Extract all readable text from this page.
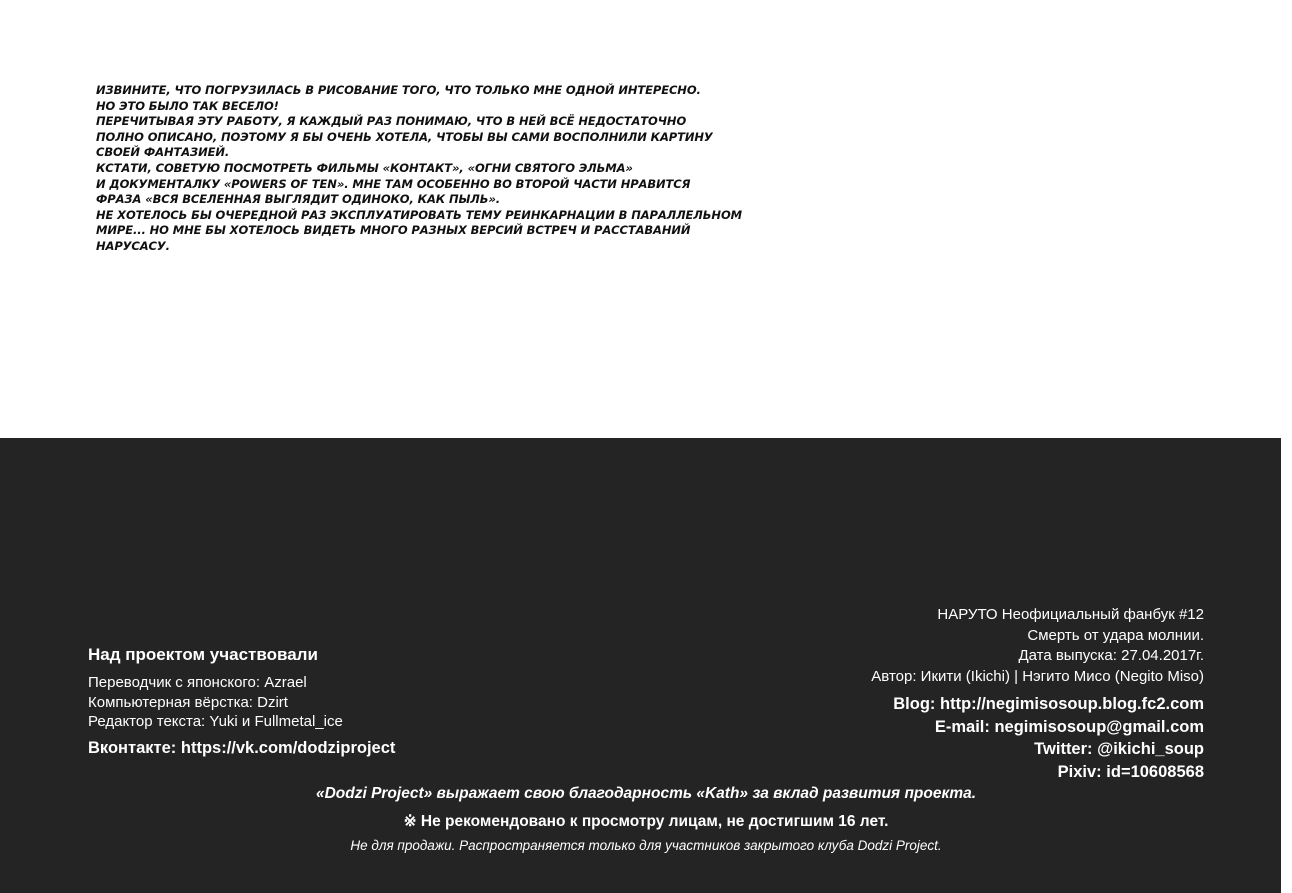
ИЗВИНИТЕ, ЧТО ПОГРУЗИЛАСЬ В РИСОВАНИЕ ТОГО, ЧТО ТОЛЬКО МНЕ ОДНОЙ ИНТЕРЕСНО.
НО ЭТО БЫЛО ТАК ВЕСЕЛО!
ПЕРЕЧИТЫВАЯ ЭТУ РАБОТУ, Я КАЖДЫЙ РАЗ ПОНИМАЮ, ЧТО В НЕЙ ВСЁ НЕДОСТАТОЧНО
ПОЛНО ОПИСАНО, ПОЭТОМУ Я БЫ ОЧЕНЬ ХОТЕЛА, ЧТОБЫ ВЫ САМИ ВОСПОЛНИЛИ КАРТИНУ
СВОЕЙ ФАНТАЗИЕЙ.
КСТАТИ, СОВЕТУЮ ПОСМОТРЕТЬ ФИЛЬМЫ «КОНТАКТ», «ОГНИ СВЯТОГО ЭЛЬМА»
И ДОКУМЕНТАЛКУ «POWERS OF TEN». МНЕ ТАМ ОСОБЕННО ВО ВТОРОЙ ЧАСТИ НРАВИТСЯ
ФРАЗА «ВСЯ ВСЕЛЕННАЯ ВЫГЛЯДИТ ОДИНОКО, КАК ПЫЛЬ».
НЕ ХОТЕЛОСЬ БЫ ОЧЕРЕДНОЙ РАЗ ЭКСПЛУАТИРОВАТЬ ТЕМУ РЕИНКАРНАЦИИ В ПАРАЛЛЕЛЬНОМ
МИРЕ... НО МНЕ БЫ ХОТЕЛОСЬ ВИДЕТЬ МНОГО РАЗНЫХ ВЕРСИЙ ВСТРЕЧ И РАССТАВАНИЙ
НАРУСАСУ.
Над проектом участвовали
Переводчик с японского: Azrael
Компьютерная вёрстка: Dzirt
Редактор текста: Yuki и Fullmetal_ice
Вконтакте: https://vk.com/dodziproject
НАРУТО Неофициальный фанбук #12
Смерть от удара молнии.
Дата выпуска: 27.04.2017г.
Автор: Икити (Ikichi) | Нэгито Мисо (Negito Miso)
Blog: http://negimisosoup.blog.fc2.com
E-mail: negimisosoup@gmail.com
Twitter: @ikichi_soup
Pixiv: id=10608568
«Dodzi Project» выражает свою благодарность «Kath» за вклад развития проекта.
※ Не рекомендовано к просмотру лицам, не достигшим 16 лет.
Не для продажи. Распространяется только для участников закрытого клуба Dodzi Project.
